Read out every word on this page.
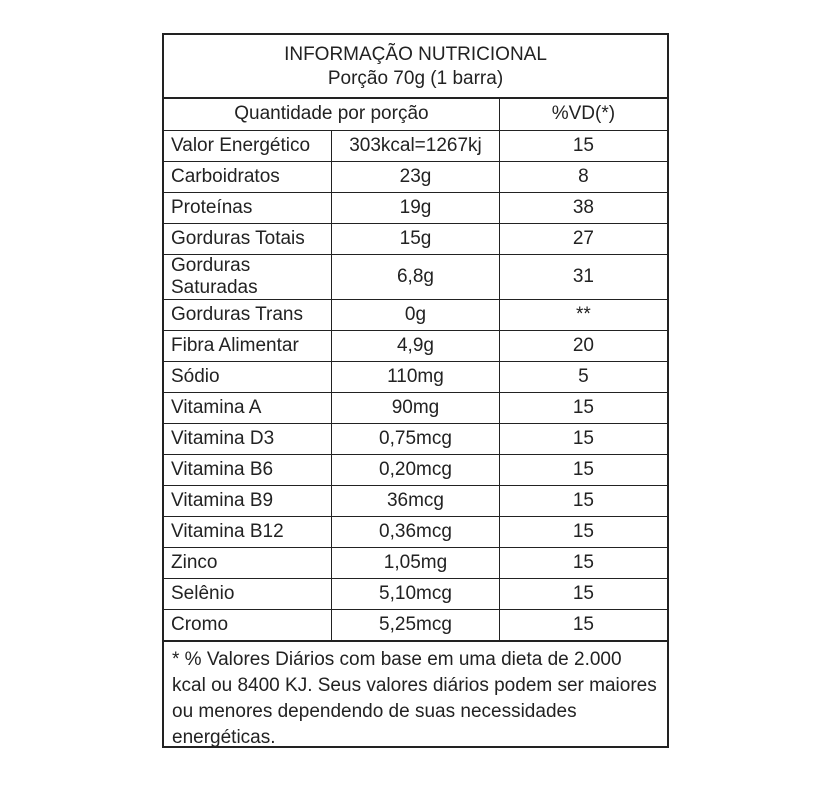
INFORMAÇÃO NUTRICIONAL
Porção 70g (1 barra)
Quantidade por porção		%VD(*)
Valor Energético	303kcal=1267kj	15
Carboidratos	23g	8
Proteínas	19g	38
Gorduras Totais	15g	27
Gorduras Saturadas	6,8g	31
Gorduras Trans	0g	**
Fibra Alimentar	4,9g	20
Sódio	110mg	5
Vitamina A	90mg	15
Vitamina D3	0,75mcg	15
Vitamina B6	0,20mcg	15
Vitamina B9	36mcg	15
Vitamina B12	0,36mcg	15
Zinco	1,05mg	15
Selênio	5,10mcg	15
Cromo	5,25mcg	15
* % Valores Diários com base em uma dieta de 2.000 kcal ou 8400 KJ. Seus valores diários podem ser maiores ou menores dependendo de suas necessidades energéticas.
